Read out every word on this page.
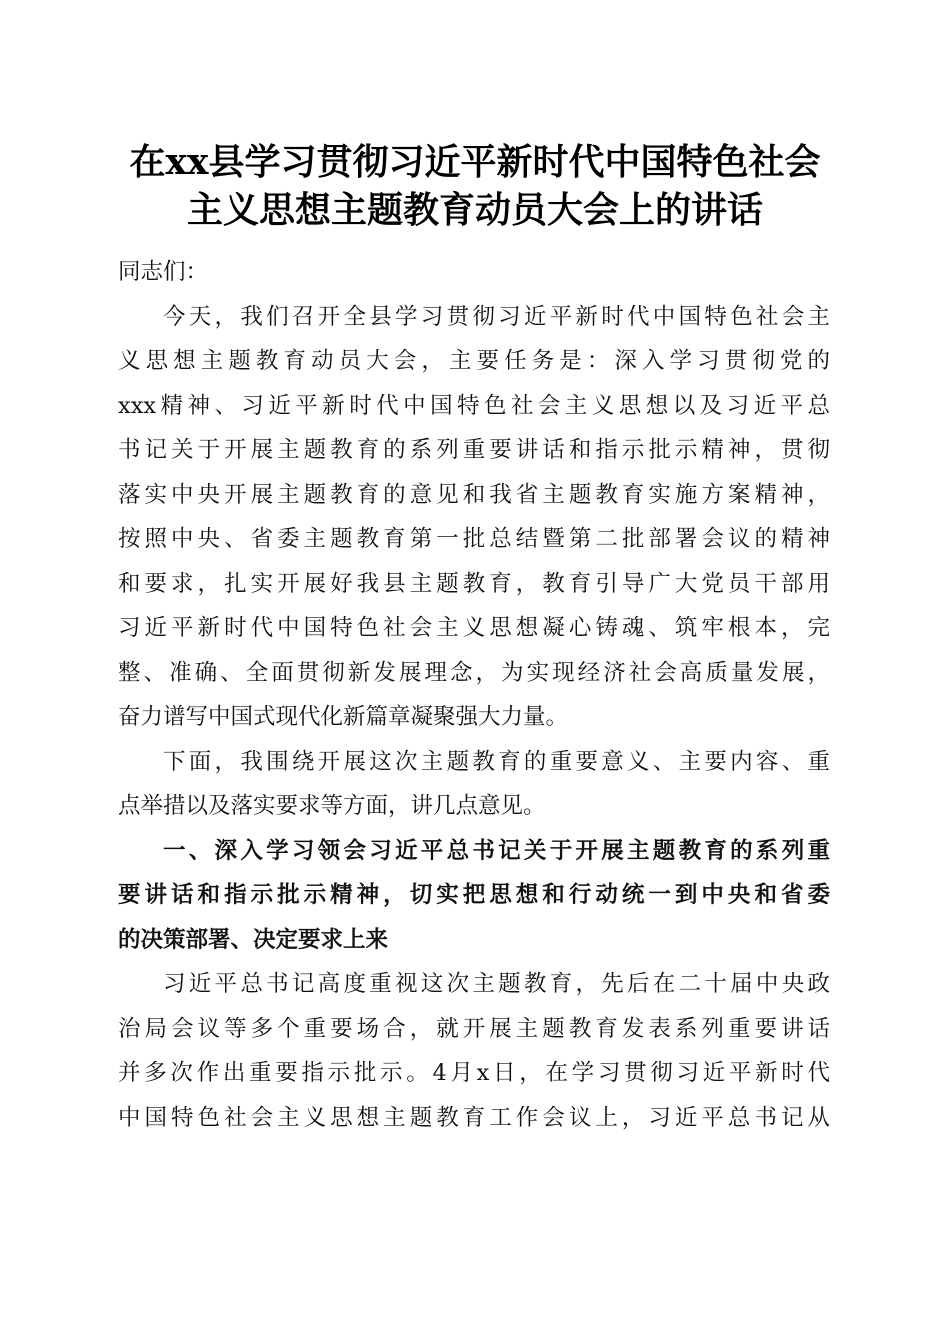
在xx县学习贯彻习近平新时代中国特色社会
主义思想主题教育动员大会上的讲话
同志们：
今天，我们召开全县学习贯彻习近平新时代中国特色社会主
义思想主题教育动员大会，主要任务是：深入学习贯彻党的
xxx精神、习近平新时代中国特色社会主义思想以及习近平总
书记关于开展主题教育的系列重要讲话和指示批示精神，贯彻
落实中央开展主题教育的意见和我省主题教育实施方案精神，
按照中央、省委主题教育第一批总结暨第二批部署会议的精神
和要求，扎实开展好我县主题教育，教育引导广大党员干部用
习近平新时代中国特色社会主义思想凝心铸魂、筑牢根本，完
整、准确、全面贯彻新发展理念，为实现经济社会高质量发展，
奋力谱写中国式现代化新篇章凝聚强大力量。
下面，我围绕开展这次主题教育的重要意义、主要内容、重
点举措以及落实要求等方面，讲几点意见。
一、深入学习领会习近平总书记关于开展主题教育的系列重
要讲话和指示批示精神，切实把思想和行动统一到中央和省委
的决策部署、决定要求上来
习近平总书记高度重视这次主题教育，先后在二十届中央政
治局会议等多个重要场合，就开展主题教育发表系列重要讲话
并多次作出重要指示批示。4月x日，在学习贯彻习近平新时代
中国特色社会主义思想主题教育工作会议上，习近平总书记从
